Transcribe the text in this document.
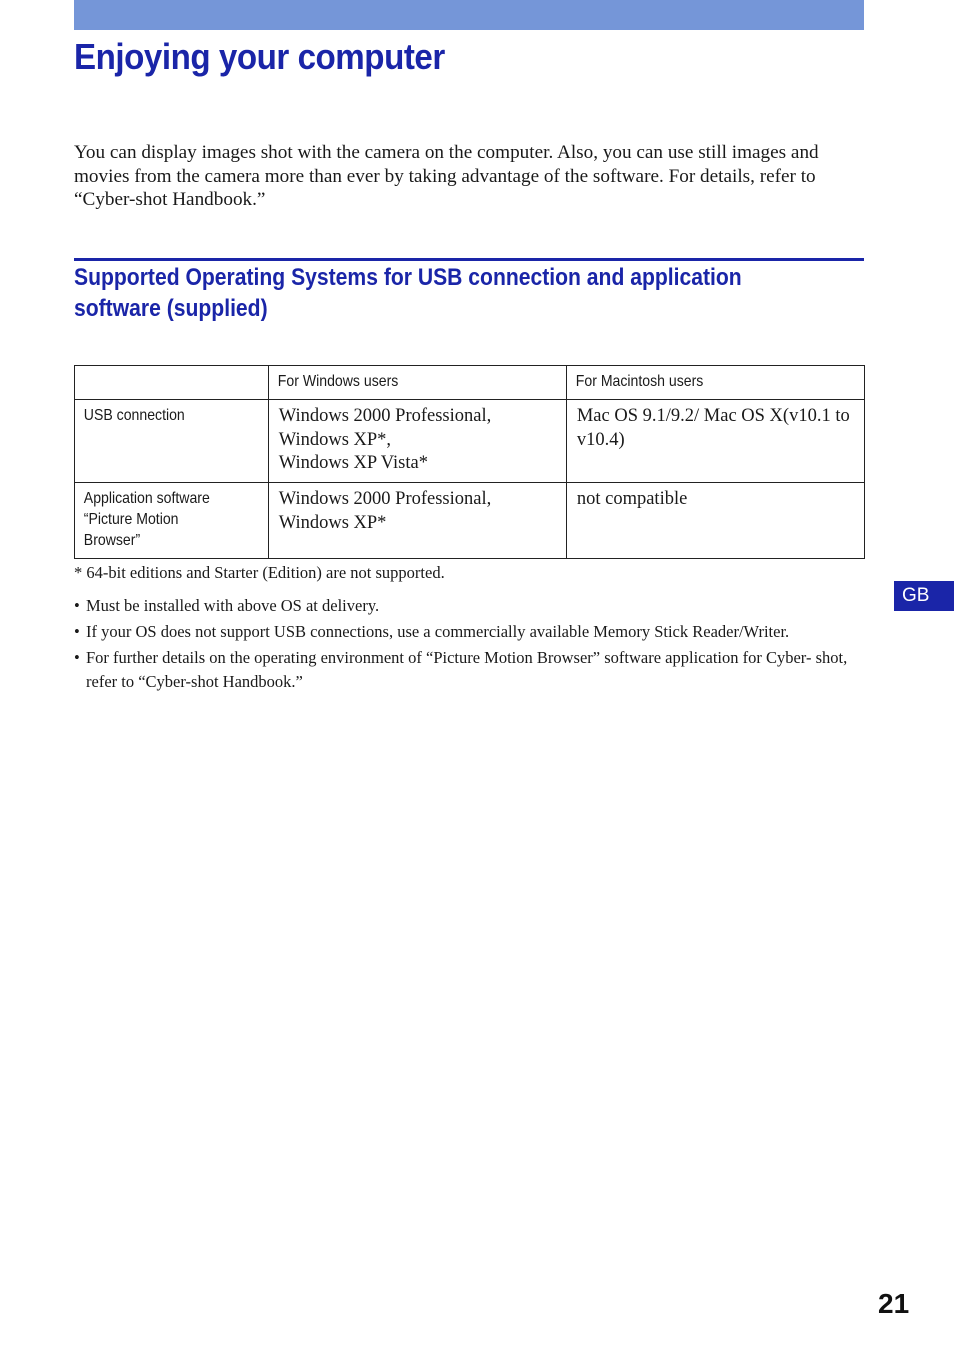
Enjoying your computer

You can display images shot with the camera on the computer. Also, you can use still images and movies from the camera more than ever by taking advantage of the software. For details, refer to “Cyber-shot Handbook.”

Supported Operating Systems for USB connection and application software (supplied)

	For Windows users	For Macintosh users

USB connection	Windows 2000 Professional,
Windows XP*,
Windows XP Vista*	Mac OS 9.1/9.2/ Mac OS X(v10.1 to v10.4)

Application software
“Picture Motion
Browser”	Windows 2000 Professional,
Windows XP*	not compatible

* 64-bit editions and Starter (Edition) are not supported.

• Must be installed with above OS at delivery.
• If your OS does not support USB connections, use a commercially available Memory Stick Reader/Writer.
• For further details on the operating environment of “Picture Motion Browser” software application for Cyber- shot, refer to “Cyber-shot Handbook.”
GB
21
